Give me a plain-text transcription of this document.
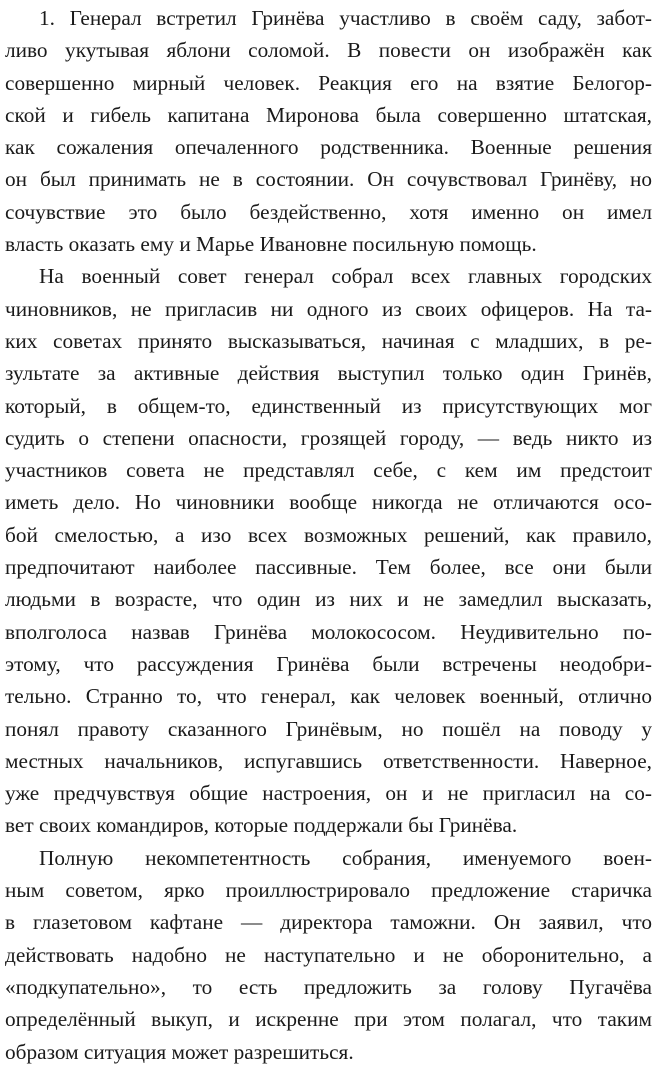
1. Генерал встретил Гринёва участливо в своём саду, забот-
ливо укутывая яблони соломой. В повести он изображён как
совершенно мирный человек. Реакция его на взятие Белогор-
ской и гибель капитана Миронова была совершенно штатская,
как сожаления опечаленного родственника. Военные решения
он был принимать не в состоянии. Он сочувствовал Гринёву, но
сочувствие это было бездейственно, хотя именно он имел
власть оказать ему и Марье Ивановне посильную помощь.

На военный совет генерал собрал всех главных городских
чиновников, не пригласив ни одного из своих офицеров. На та-
ких советах принято высказываться, начиная с младших, в ре-
зультате за активные действия выступил только один Гринёв,
который, в общем-то, единственный из присутствующих мог
судить о степени опасности, грозящей городу, — ведь никто из
участников совета не представлял себе, с кем им предстоит
иметь дело. Но чиновники вообще никогда не отличаются осо-
бой смелостью, а изо всех возможных решений, как правило,
предпочитают наиболее пассивные. Тем более, все они были
людьми в возрасте, что один из них и не замедлил высказать,
вполголоса назвав Гринёва молокососом. Неудивительно по-
этому, что рассуждения Гринёва были встречены неодобри-
тельно. Странно то, что генерал, как человек военный, отлично
понял правоту сказанного Гринёвым, но пошёл на поводу у
местных начальников, испугавшись ответственности. Наверное,
уже предчувствуя общие настроения, он и не пригласил на со-
вет своих командиров, которые поддержали бы Гринёва.

Полную некомпетентность собрания, именуемого воен-
ным советом, ярко проиллюстрировало предложение старичка
в глазетовом кафтане — директора таможни. Он заявил, что
действовать надобно не наступательно и не оборонительно, а
«подкупательно», то есть предложить за голову Пугачёва
определённый выкуп, и искренне при этом полагал, что таким
образом ситуация может разрешиться.
